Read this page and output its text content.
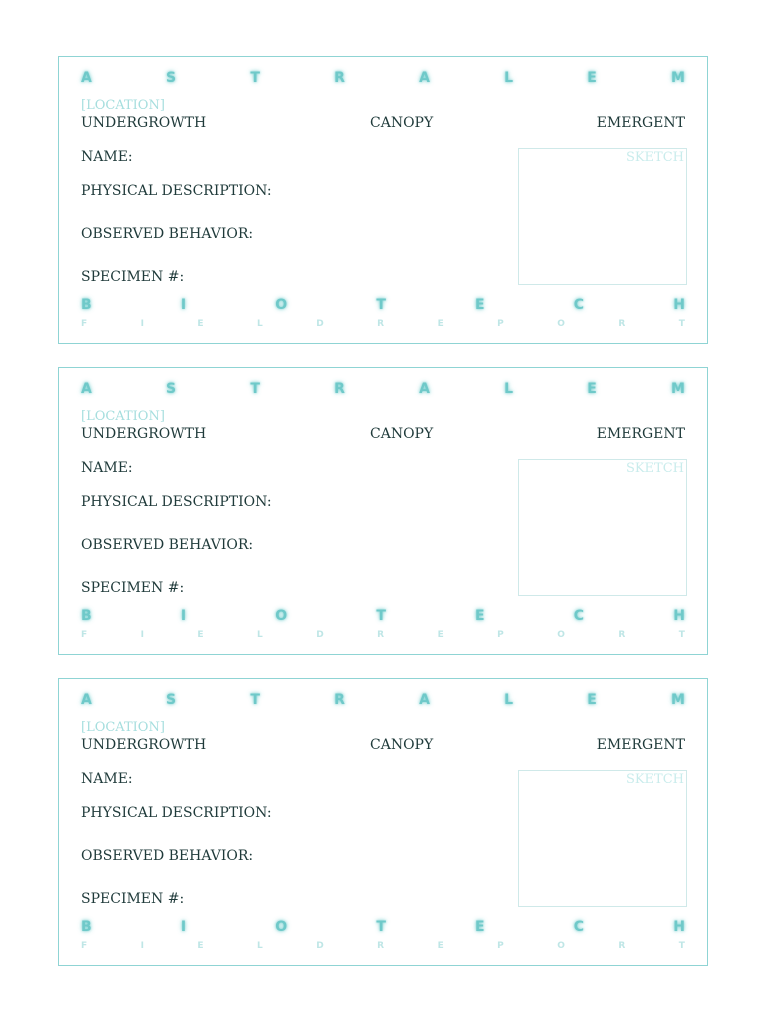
A	S	T	R	A	L	E	M
[LOCATION]
UNDERGROWTH	CANOPY	EMERGENT
NAME:
PHYSICAL DESCRIPTION:
OBSERVED BEHAVIOR:
SPECIMEN #:
SKETCH
B	I	O	T	E	C	H
F	I	E	L	D	R	E	P	O	R	T
A	S	T	R	A	L	E	M
[LOCATION]
UNDERGROWTH	CANOPY	EMERGENT
NAME:
PHYSICAL DESCRIPTION:
OBSERVED BEHAVIOR:
SPECIMEN #:
SKETCH
B	I	O	T	E	C	H
F	I	E	L	D	R	E	P	O	R	T
A	S	T	R	A	L	E	M
[LOCATION]
UNDERGROWTH	CANOPY	EMERGENT
NAME:
PHYSICAL DESCRIPTION:
OBSERVED BEHAVIOR:
SPECIMEN #:
SKETCH
B	I	O	T	E	C	H
F	I	E	L	D	R	E	P	O	R	T
